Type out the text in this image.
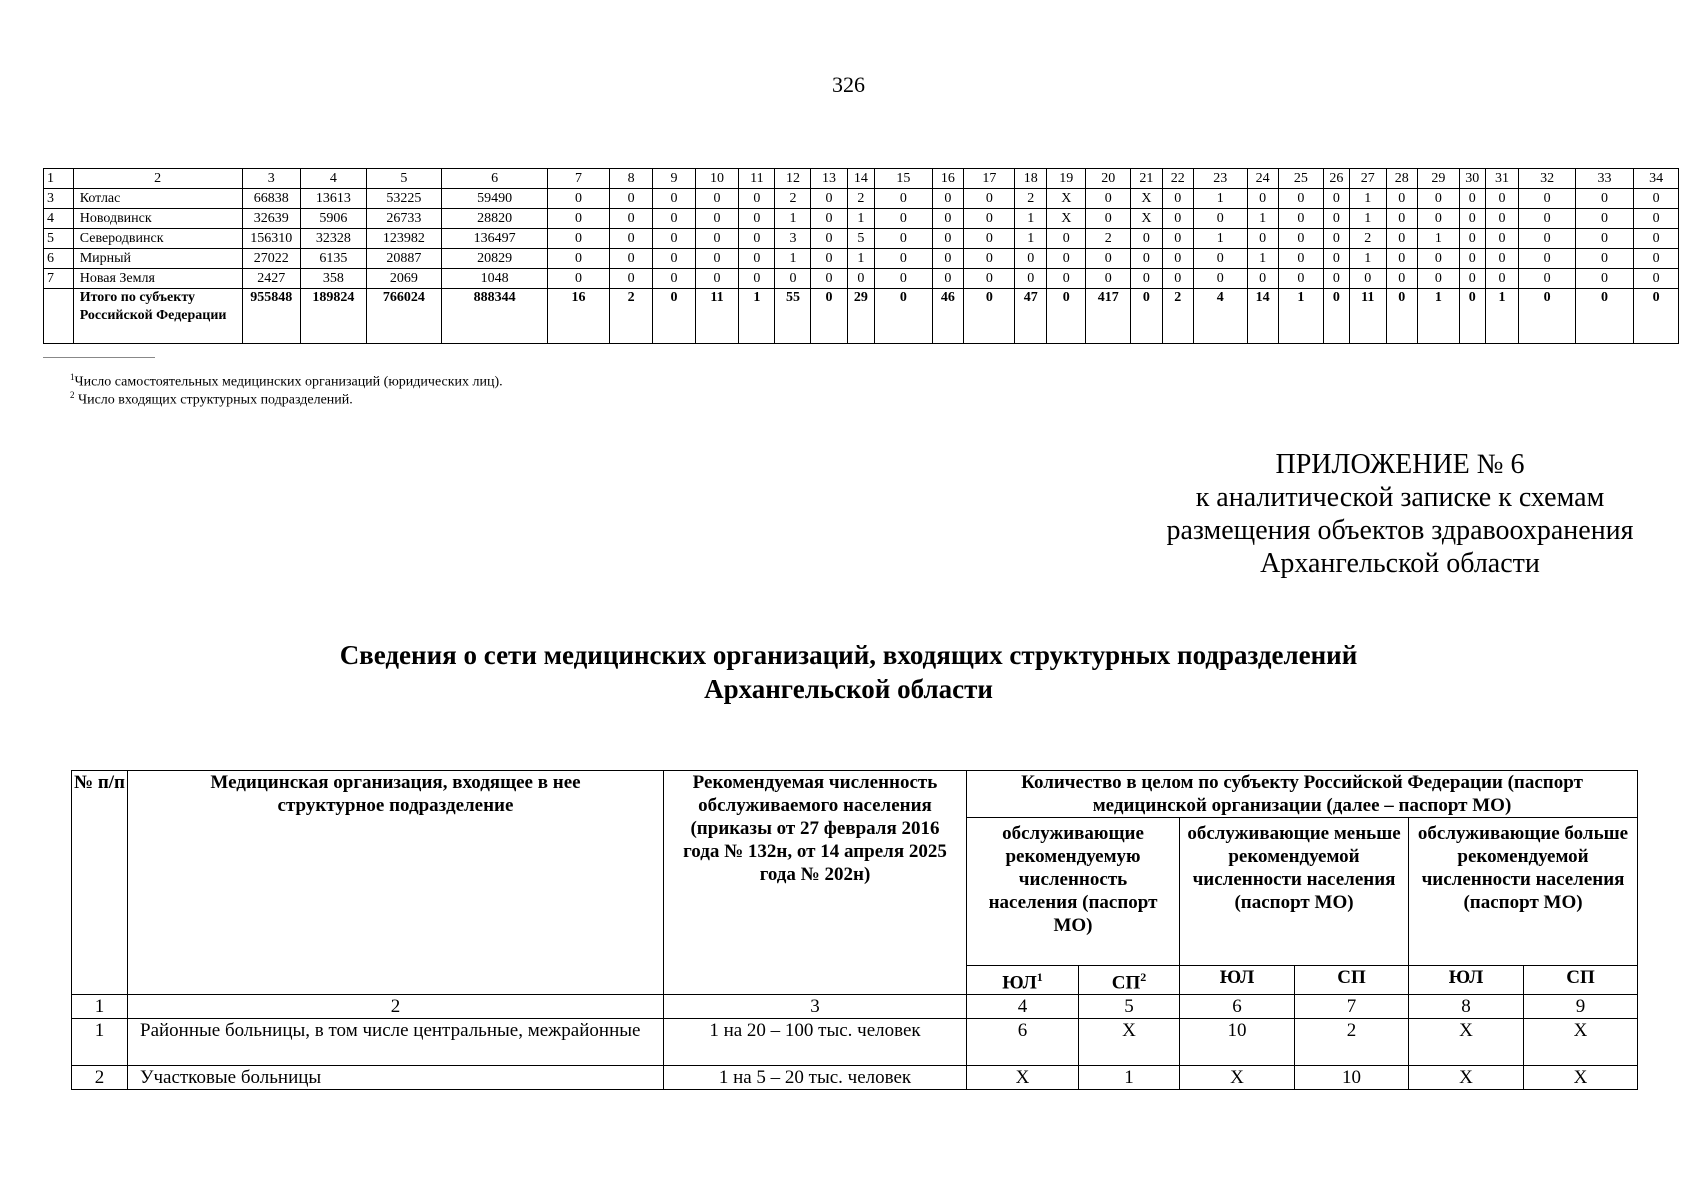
326
1	2	3	4	5	6	7	8	9	10	11	12	13	14	15	16	17	18	19	20	21	22	23	24	25	26	27	28	29	30	31	32	33	34
3	Котлас	66838	13613	53225	59490	0	0	0	0	0	2	0	2	0	0	0	2	X	0	X	0	1	0	0	0	1	0	0	0	0	0	0	0
4	Новодвинск	32639	5906	26733	28820	0	0	0	0	0	1	0	1	0	0	0	1	X	0	X	0	0	1	0	0	1	0	0	0	0	0	0	0
5	Северодвинск	156310	32328	123982	136497	0	0	0	0	0	3	0	5	0	0	0	1	0	2	0	0	1	0	0	0	2	0	1	0	0	0	0	0
6	Мирный	27022	6135	20887	20829	0	0	0	0	0	1	0	1	0	0	0	0	0	0	0	0	0	1	0	0	1	0	0	0	0	0	0	0
7	Новая Земля	2427	358	2069	1048	0	0	0	0	0	0	0	0	0	0	0	0	0	0	0	0	0	0	0	0	0	0	0	0	0	0	0	0
	Итого по субъекту Российской Федерации	955848	189824	766024	888344	16	2	0	11	1	55	0	29	0	46	0	47	0	417	0	2	4	14	1	0	11	0	1	0	1	0	0	0
$^1$Число самостоятельных медицинских организаций (юридических лиц).
$^2$ Число входящих структурных подразделений.
ПРИЛОЖЕНИЕ № 6
к аналитической записке к схемам
размещения объектов здравоохранения
Архангельской области
Сведения о сети медицинских организаций, входящих структурных подразделений
Архангельской области
№ п/п	Медицинская организация, входящее в нее структурное подразделение	Рекомендуемая численность обслуживаемого населения (приказы от 27 февраля 2016 года № 132н, от 14 апреля 2025 года № 202н)	Количество в целом по субъекту Российской Федерации (паспорт медицинской организации (далее – паспорт МО)					
			обслуживающие рекомендуемую численность населения (паспорт МО)		обслуживающие меньше рекомендуемой численности населения (паспорт МО)		обслуживающие больше рекомендуемой численности населения (паспорт МО)	
			$ЮЛ^1$	$СП^2$	ЮЛ	СП	ЮЛ	СП
1	2	3	4	5	6	7	8	9
1	Районные больницы, в том числе центральные, межрайонные	1 на 20 – 100 тыс. человек	6	X	10	2	X	X
2	Участковые больницы	1 на 5 – 20 тыс. человек	X	1	X	10	X	X
